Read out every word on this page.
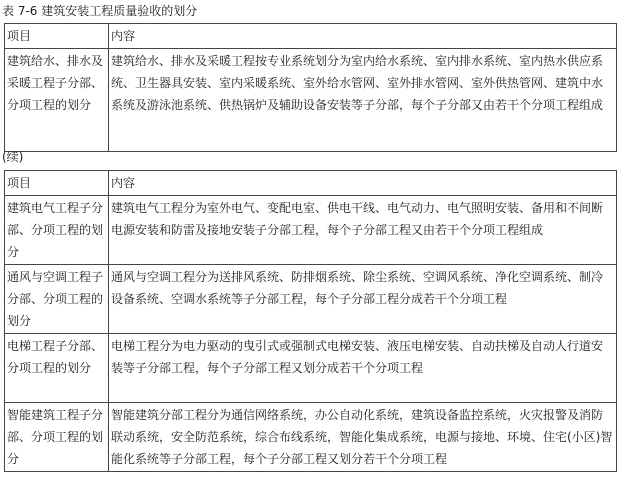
表 7-6 建筑安装工程质量验收的划分
项目	内容
建筑给水、排水及采暖工程子分部、分项工程的划分	建筑给水、排水及采暖工程按专业系统划分为室内给水系统、室内排水系统、室内热水供应系统、卫生器具安装、室内采暖系统、室外给水管网、室外排水管网、室外供热管网、建筑中水系统及游泳池系统、供热锅炉及辅助设备安装等子分部，每个子分部又由若干个分项工程组成
(续)
项目	内容
建筑电气工程子分部、分项工程的划分	建筑电气工程分为室外电气、变配电室、供电干线、电气动力、电气照明安装、备用和不间断电源安装和防雷及接地安装子分部工程，每个子分部工程又由若干个分项工程组成
通风与空调工程子分部、分项工程的划分	通风与空调工程分为送排风系统、防排烟系统、除尘系统、空调风系统、净化空调系统、制冷设备系统、空调水系统等子分部工程，每个子分部工程分成若干个分项工程
电梯工程子分部、分项工程的划分	电梯工程分为电力驱动的曳引式或强制式电梯安装、液压电梯安装、自动扶梯及自动人行道安装等子分部工程，每个子分部工程又划分成若干个分项工程
智能建筑工程子分部、分项工程的划分	智能建筑分部工程分为通信网络系统，办公自动化系统，建筑设备监控系统，火灾报警及消防联动系统，安全防范系统，综合布线系统，智能化集成系统，电源与接地、环境、住宅(小区)智能化系统等子分部工程，每个子分部工程又划分若干个分项工程
